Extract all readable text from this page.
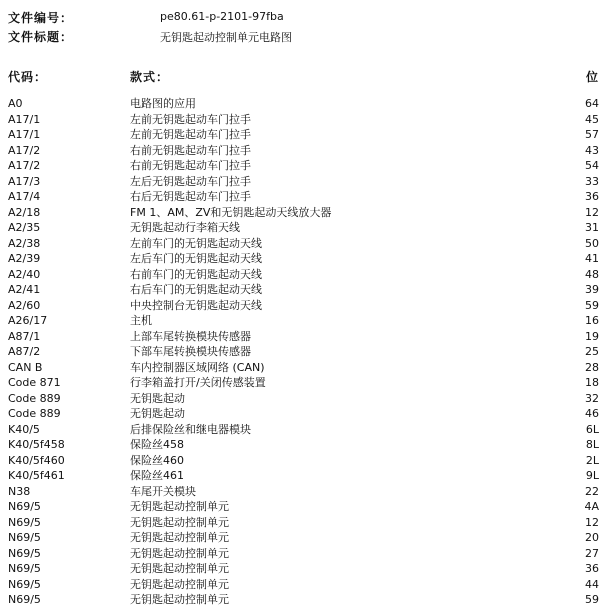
文件编号：	pe80.61-p-2101-97fba
文件标题：	无钥匙起动控制单元电路图
代码：	款式：	位
A0	电路图的应用	64
A17/1	左前无钥匙起动车门拉手	45
A17/1	左前无钥匙起动车门拉手	57
A17/2	右前无钥匙起动车门拉手	43
A17/2	右前无钥匙起动车门拉手	54
A17/3	左后无钥匙起动车门拉手	33
A17/4	右后无钥匙起动车门拉手	36
A2/18	FM 1、AM、ZV和无钥匙起动天线放大器	12
A2/35	无钥匙起动行李箱天线	31
A2/38	左前车门的无钥匙起动天线	50
A2/39	左后车门的无钥匙起动天线	41
A2/40	右前车门的无钥匙起动天线	48
A2/41	右后车门的无钥匙起动天线	39
A2/60	中央控制台无钥匙起动天线	59
A26/17	主机	16
A87/1	上部车尾转换模块传感器	19
A87/2	下部车尾转换模块传感器	25
CAN B	车内控制器区域网络 (CAN)	28
Code 871	行李箱盖打开/关闭传感装置	18
Code 889	无钥匙起动	32
Code 889	无钥匙起动	46
K40/5	后排保险丝和继电器模块	6L
K40/5f458	保险丝458	8L
K40/5f460	保险丝460	2L
K40/5f461	保险丝461	9L
N38	车尾开关模块	22
N69/5	无钥匙起动控制单元	4A
N69/5	无钥匙起动控制单元	12
N69/5	无钥匙起动控制单元	20
N69/5	无钥匙起动控制单元	27
N69/5	无钥匙起动控制单元	36
N69/5	无钥匙起动控制单元	44
N69/5	无钥匙起动控制单元	59
